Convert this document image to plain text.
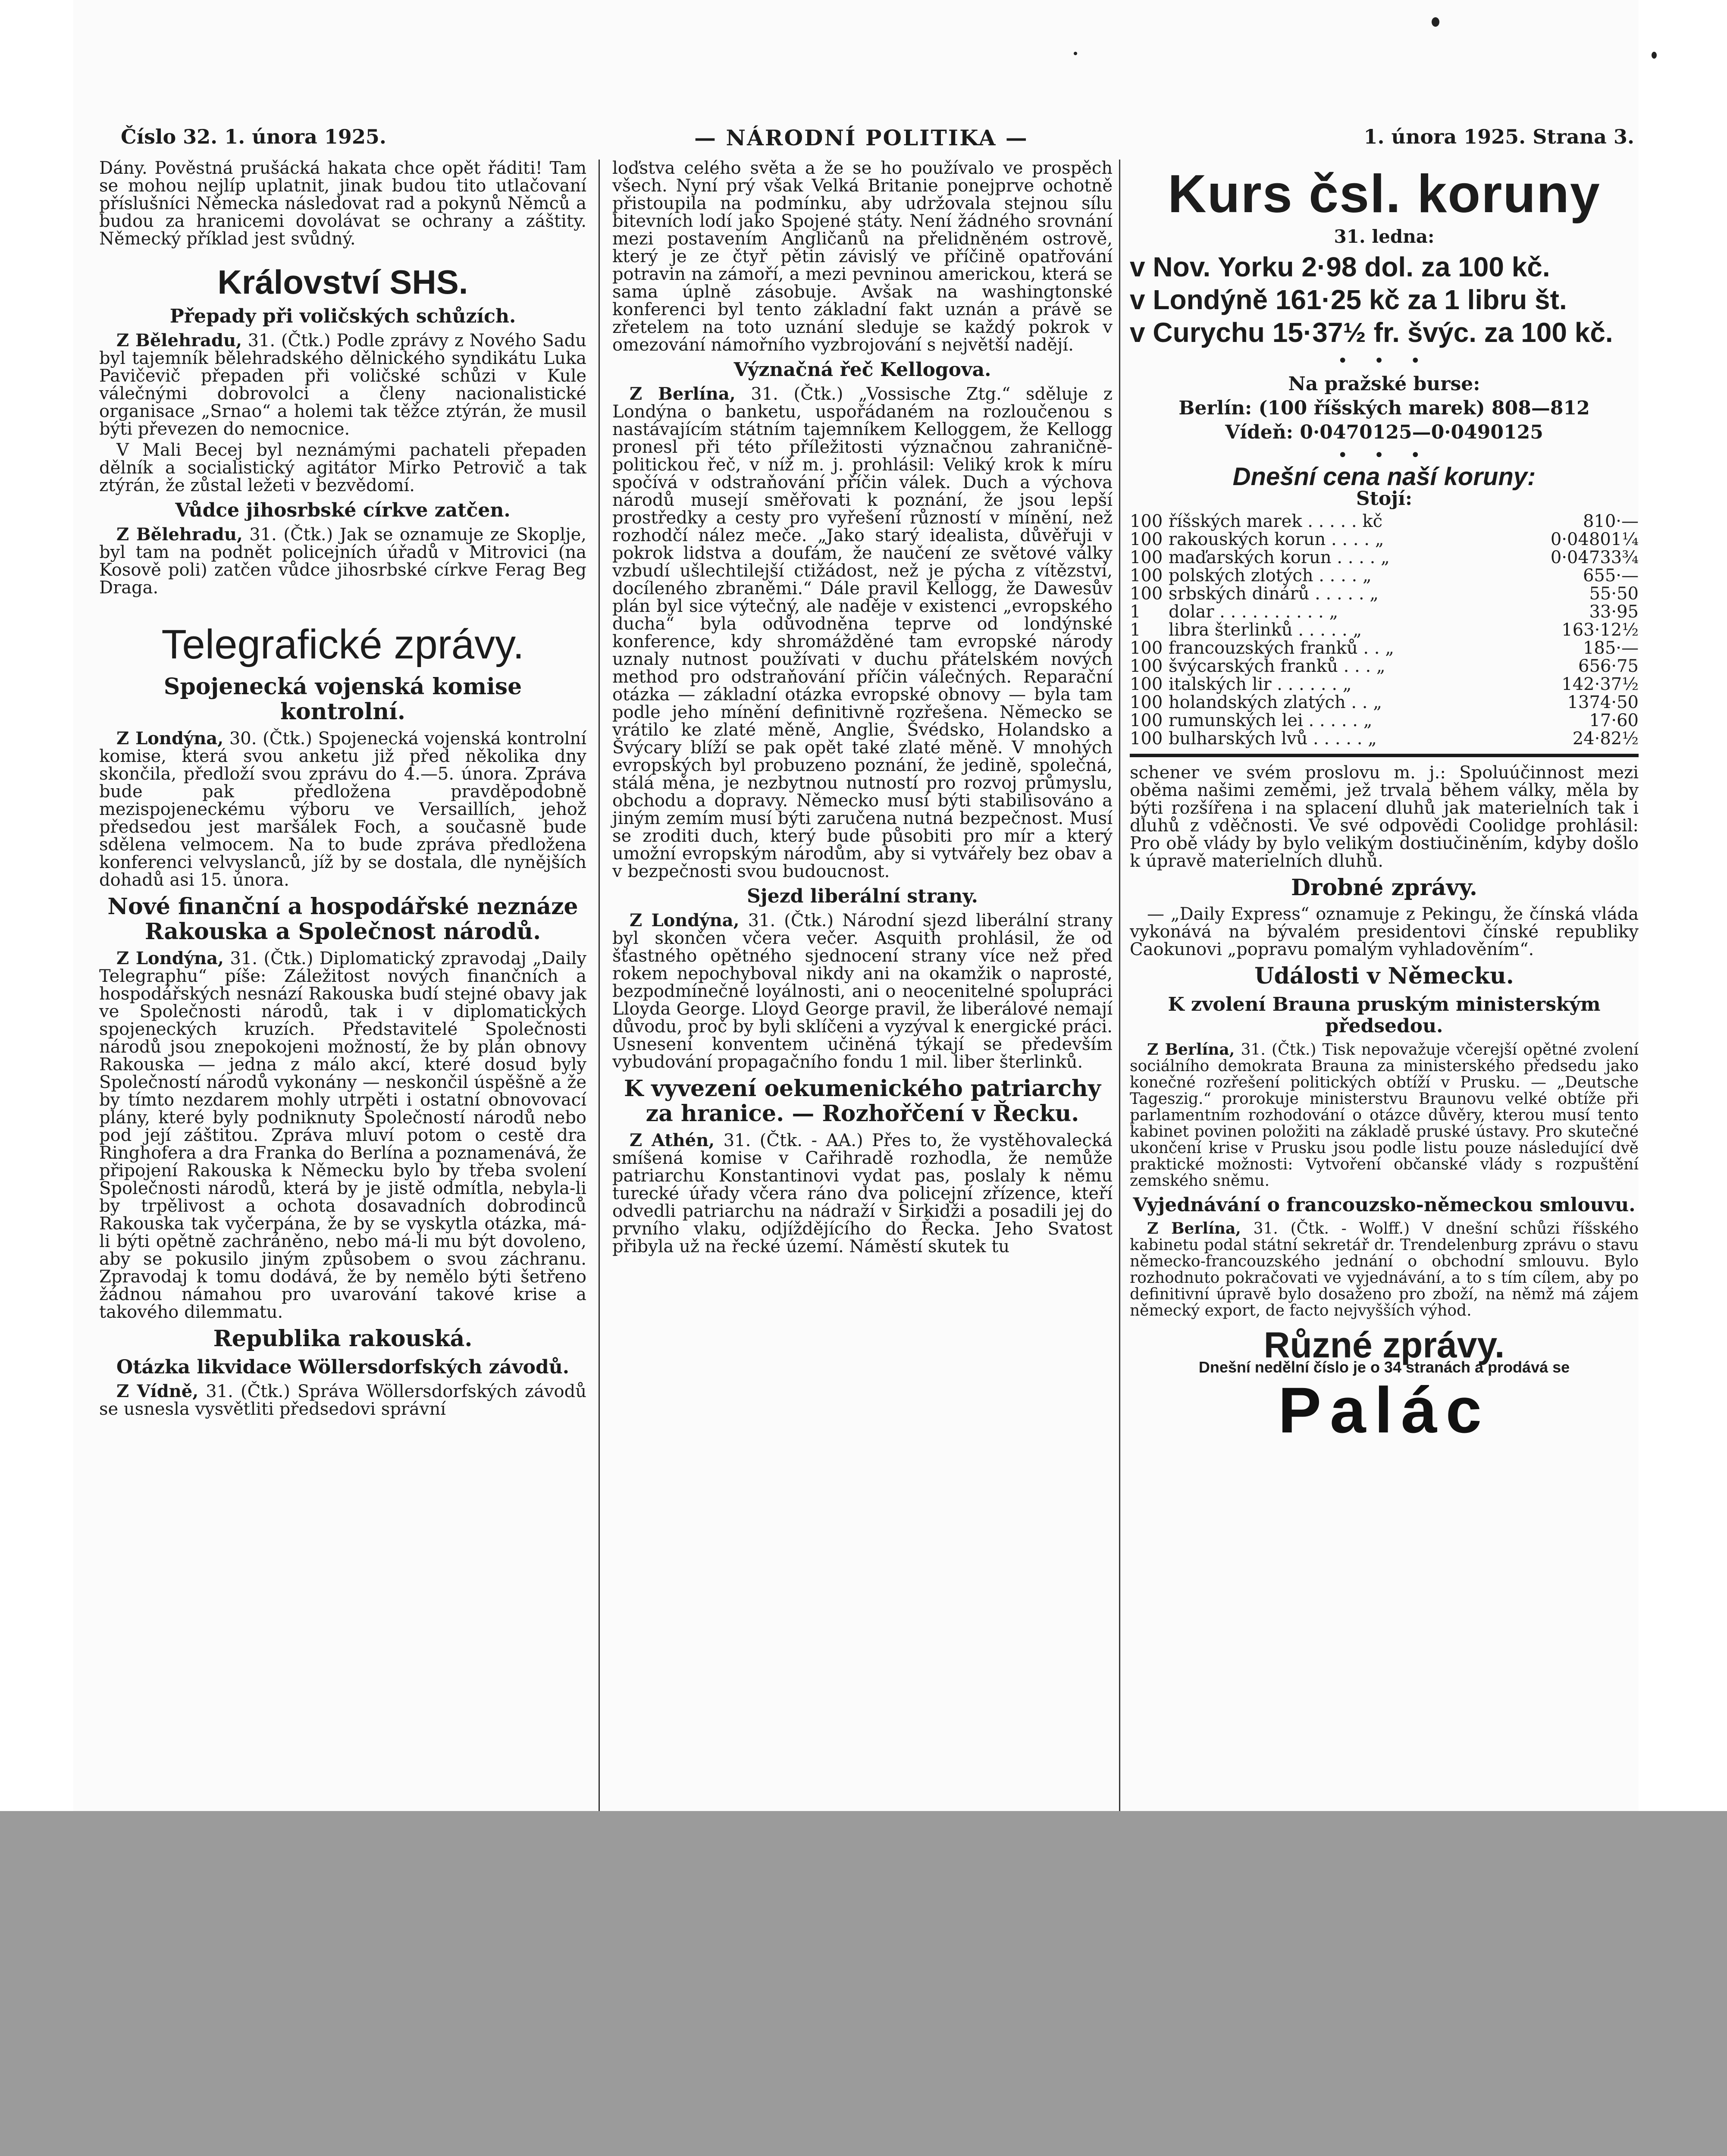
Číslo 32. 1. února 1925.	— NÁRODNÍ POLITIKA —	1. února 1925. Strana 3.

Dány. Pověstná prušácká hakata chce opět řáditi! Tam se mohou nejlíp uplatnit, jinak budou tito utlačovaní příslušníci Německa následovat rad a pokynů Němců a budou za hranicemi dovolávat se ochrany a záštity. Německý příklad jest svůdný.

Království SHS.
Přepady při voličských schůzích.

Z Bělehradu, 31. (Čtk.) Podle zprávy z Nového Sadu byl tajemník bělehradského dělnického syndikátu Luka Pavičevič přepaden při voličské schůzi v Kule válečnými dobrovolci a členy nacionalistické organisace „Srnao“ a holemi tak těžce ztýrán, že musil býti převezen do nemocnice.

V Mali Becej byl neznámými pachateli přepaden dělník a socialistický agitátor Mirko Petrovič a tak ztýrán, že zůstal ležeti v bezvědomí.

Vůdce jihosrbské církve zatčen.

Z Bělehradu, 31. (Čtk.) Jak se oznamuje ze Skoplje, byl tam na podnět policejních úřadů v Mitrovici (na Kosově poli) zatčen vůdce jihosrbské církve Ferag Beg Draga.

Telegrafické zprávy.
Spojenecká vojenská komise kontrolní.

Z Londýna, 30. (Čtk.) Spojenecká vojenská kontrolní komise, která svou anketu již před několika dny skončila, předloží svou zprávu do 4.—5. února. Zpráva bude pak předložena pravděpodobně mezispojeneckému výboru ve Versaillích, jehož předsedou jest maršálek Foch, a současně bude sdělena velmocem. Na to bude zpráva předložena konferenci velvyslanců, jíž by se dostala, dle nynějších dohadů asi 15. února.

Nové finanční a hospodářské neznáze Rakouska a Společnost národů.

Z Londýna, 31. (Čtk.) Diplomatický zpravodaj „Daily Telegraphu“ píše: Záležitost nových finančních a hospodářských nesnází Rakouska budí stejné obavy jak ve Společnosti národů, tak i v diplomatických spojeneckých kruzích. Představitelé Společnosti národů jsou znepokojeni možností, že by plán obnovy Rakouska — jedna z málo akcí, které dosud byly Společností národů vykonány — neskončil úspěšně a že by tímto nezdarem mohly utrpěti i ostatní obnovovací plány, které byly podniknuty Společností národů nebo pod její záštitou. Zpráva mluví potom o cestě dra Ringhofera a dra Franka do Berlína a poznamenává, že připojení Rakouska k Německu bylo by třeba svolení Společnosti národů, která by je jistě odmítla, nebyla-li by trpělivost a ochota dosavadních dobrodinců Rakouska tak vyčerpána, že by se vyskytla otázka, má-li býti opětně zachráněno, nebo má-li mu být dovoleno, aby se pokusilo jiným způsobem o svou záchranu. Zpravodaj k tomu dodává, že by nemělo býti šetřeno žádnou námahou pro uvarování takové krise a takového dilemmatu.

Republika rakouská.
Otázka likvidace Wöllersdorfských závodů.

Z Vídně, 31. (Čtk.) Správa Wöllersdorfských závodů se usnesla vysvětliti předsedovi správní

loďstva celého světa a že se ho používalo ve prospěch všech. Nyní prý však Velká Britanie ponejprve ochotně přistoupila na podmínku, aby udržovala stejnou sílu bitevních lodí jako Spojené státy. Není žádného srovnání mezi postavením Angličanů na přelidněném ostrově, který je ze čtyř pětin závislý ve příčině opatřování potravin na zámoří, a mezi pevninou americkou, která se sama úplně zásobuje. Avšak na washingtonské konferenci byl tento základní fakt uznán a právě se zřetelem na toto uznání sleduje se každý pokrok v omezování námořního vyzbrojování s největší nadějí.

Význačná řeč Kellogova.

Z Berlína, 31. (Čtk.) „Vossische Ztg.“ sděluje z Londýna o banketu, uspořádaném na rozloučenou s nastávajícím státním tajemníkem Kelloggem, že Kellogg pronesl při této příležitosti význačnou zahraničně-politickou řeč, v níž m. j. prohlásil: Veliký krok k míru spočívá v odstraňování příčin válek. Duch a výchova národů musejí směřovati k poznání, že jsou lepší prostředky a cesty pro vyřešení růzností v mínění, než rozhodčí nález meče. „Jako starý idealista, důvěřuji v pokrok lidstva a doufám, že naučení ze světové války vzbudí ušlechtilejší ctižádost, než je pýcha z vítězství, docíleného zbraněmi.“ Dále pravil Kellogg, že Dawesův plán byl sice výtečný, ale naděje v existenci „evropského ducha“ byla odůvodněna teprve od londýnské konference, kdy shromážděné tam evropské národy uznaly nutnost používati v duchu přátelském nových method pro odstraňování příčin válečných. Reparační otázka — základní otázka evropské obnovy — byla tam podle jeho mínění definitivně rozřešena. Německo se vrátilo ke zlaté měně, Anglie, Švédsko, Holandsko a Švýcary blíží se pak opět také zlaté měně. V mnohých evropských byl probuzeno poznání, že jedině, společná, stálá měna, je nezbytnou nutností pro rozvoj průmyslu, obchodu a dopravy. Německo musí býti stabilisováno a jiným zemím musí býti zaručena nutná bezpečnost. Musí se zroditi duch, který bude působiti pro mír a který umožní evropským národům, aby si vytvářely bez obav a v bezpečnosti svou budoucnost.

Sjezd liberální strany.

Z Londýna, 31. (Čtk.) Národní sjezd liberální strany byl skončen včera večer. Asquith prohlásil, že od šťastného opětného sjednocení strany více než před rokem nepochyboval nikdy ani na okamžik o naprosté, bezpodmínečné loyálnosti, ani o neocenitelné spolupráci Lloyda George. Lloyd George pravil, že liberálové nemají důvodu, proč by byli sklíčeni a vyzýval k energické práci. Usnesení konventem učiněná týkají se především vybudování propagačního fondu 1 mil. liber šterlinků.

K vyvezení oekumenického patriarchy za hranice. — Rozhořčení v Řecku.

Z Athén, 31. (Čtk. - AA.) Přes to, že vystěhovalecká smíšená komise v Cařihradě rozhodla, že nemůže patriarchu Konstantinovi vydat pas, poslaly k němu turecké úřady včera ráno dva policejní zřízence, kteří odvedli patriarchu na nádraží v Sirkidži a posadili jej do prvního vlaku, odjíždějícího do Řecka. Jeho Svatost přibyla už na řecké území. Náměstí skutek tu

Kurs čsl. koruny
31. ledna:
v Nov. Yorku 2·98 dol. za 100 kč.
v Londýně 161·25 kč za 1 libru št.
v Curychu 15·37½ fr. švýc. za 100 kč.
• • •
Na pražské burse:
Berlín: (100 říšských marek) 808—812
Vídeň: 0·0470125—0·0490125
• • •
Dnešní cena naší koruny:
Stojí:
100	říšských marek . . . . . kč	810·—
100	rakouských korun . . . . „	0·04801¼
100	maďarských korun . . . . „	0·04733¾
100	polských zlotých . . . . „	655·—
100	srbských dinárů . . . . . „	55·50
1	dolar . . . . . . . . . . „	33·95
1	libra šterlinků . . . . . „	163·12½
100	francouzských franků . . „	185·—
100	švýcarských franků . . . „	656·75
100	italských lir . . . . . . „	142·37½
100	holandských zlatých . . „	1374·50
100	rumunských lei . . . . . „	17·60
100	bulharských lvů . . . . . „	24·82½

schener ve svém proslovu m. j.: Spoluúčinnost mezi oběma našimi zeměmi, jež trvala během války, měla by býti rozšířena i na splacení dluhů jak materielních tak i dluhů z vděčnosti. Ve své odpovědi Coolidge prohlásil: Pro obě vlády by bylo velikým dostiučiněním, kdyby došlo k úpravě materielních dluhů.

Drobné zprávy.

— „Daily Express“ oznamuje z Pekingu, že čínská vláda vykonává na bývalém presidentovi čínské republiky Caokunovi „popravu pomalým vyhladověním“.

Události v Německu.
K zvolení Brauna pruským ministerským předsedou.

Z Berlína, 31. (Čtk.) Tisk nepovažuje včerejší opětné zvolení sociálního demokrata Brauna za ministerského předsedu jako konečné rozřešení politických obtíží v Prusku. — „Deutsche Tageszig.“ prorokuje ministerstvu Braunovu velké obtíže při parlamentním rozhodování o otázce důvěry, kterou musí tento kabinet povinen položiti na základě pruské ústavy. Pro skutečné ukončení krise v Prusku jsou podle listu pouze následující dvě praktické možnosti: Vytvoření občanské vlády s rozpuštění zemského sněmu.

Vyjednávání o francouzsko-německou smlouvu.

Z Berlína, 31. (Čtk. - Wolff.) V dnešní schůzi říšského kabinetu podal státní sekretář dr. Trendelenburg zprávu o stavu německo-francouzského jednání o obchodní smlouvu. Bylo rozhodnuto pokračovati ve vyjednávání, a to s tím cílem, aby po definitivní úpravě bylo dosaženo pro zboží, na němž má zájem německý export, de facto nejvyšších výhod.

Různé zprávy.
Dnešní nedělní číslo je o 34 stranách a prodává se
Palác
